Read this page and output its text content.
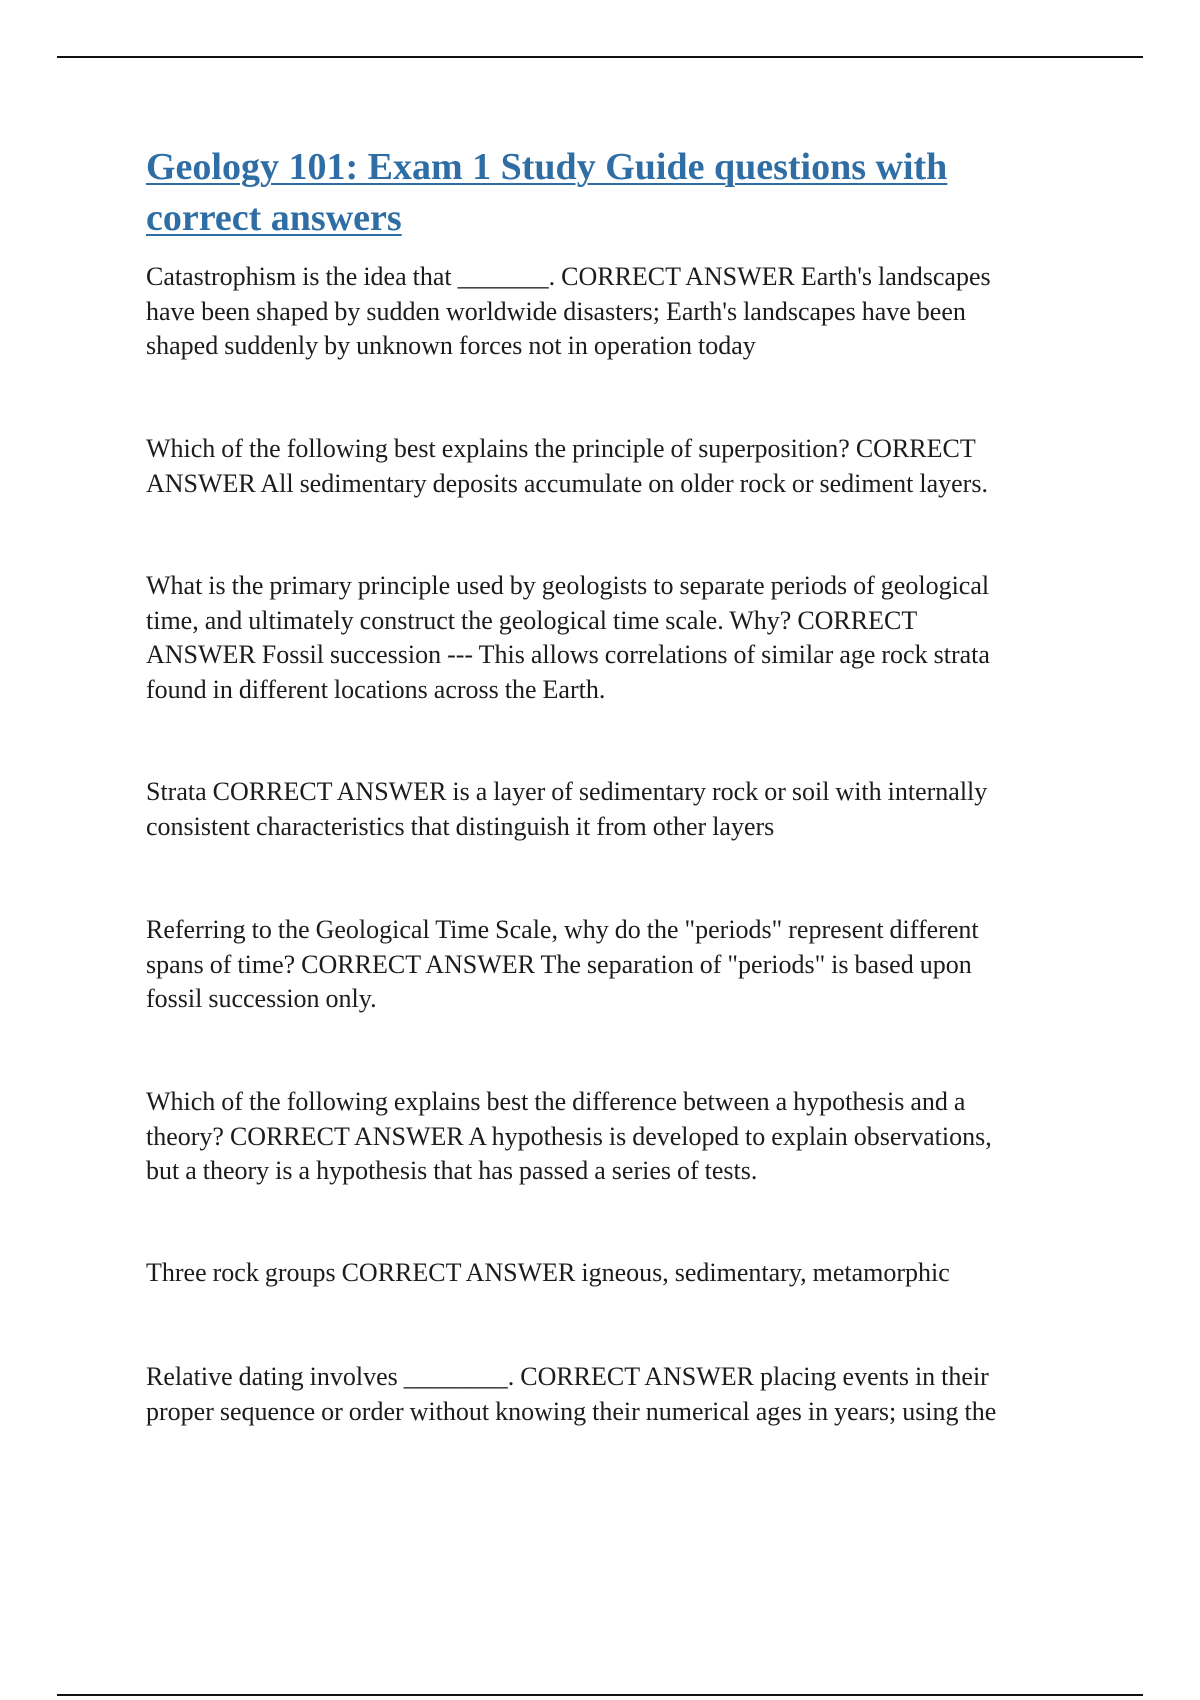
Geology 101: Exam 1 Study Guide questions with
correct answers

Catastrophism is the idea that _______. CORRECT ANSWER Earth's landscapes
have been shaped by sudden worldwide disasters; Earth's landscapes have been
shaped suddenly by unknown forces not in operation today

Which of the following best explains the principle of superposition? CORRECT
ANSWER All sedimentary deposits accumulate on older rock or sediment layers.

What is the primary principle used by geologists to separate periods of geological
time, and ultimately construct the geological time scale. Why? CORRECT
ANSWER Fossil succession --- This allows correlations of similar age rock strata
found in different locations across the Earth.

Strata CORRECT ANSWER is a layer of sedimentary rock or soil with internally
consistent characteristics that distinguish it from other layers

Referring to the Geological Time Scale, why do the "periods" represent different
spans of time? CORRECT ANSWER The separation of "periods" is based upon
fossil succession only.

Which of the following explains best the difference between a hypothesis and a
theory? CORRECT ANSWER A hypothesis is developed to explain observations,
but a theory is a hypothesis that has passed a series of tests.

Three rock groups CORRECT ANSWER igneous, sedimentary, metamorphic

Relative dating involves ________. CORRECT ANSWER placing events in their
proper sequence or order without knowing their numerical ages in years; using the
